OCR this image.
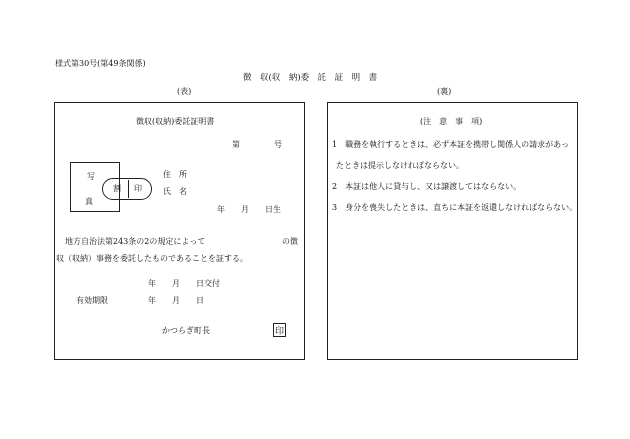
様式第30号(第49条関係)
徴　収(収　納)委　託　証　明　書
(表)	(裏)
徴収(収納)委託証明書
第	号
写
真
割 印
住　所
氏　名
年　　月　　日生
地方自治法第243条の2の規定によって	の徴
収（収納）事務を委託したものであることを証する。
年　　月　　日交付
有効期限	年　　月　　日
かつらぎ町長	印
(注　意　事　項)
1　職務を執行するときは、必ず本証を携帯し関係人の請求があっ
たときは提示しなければならない。
2　本証は他人に貸与し、又は譲渡してはならない。
3　身分を喪失したときは、直ちに本証を返還しなければならない。
